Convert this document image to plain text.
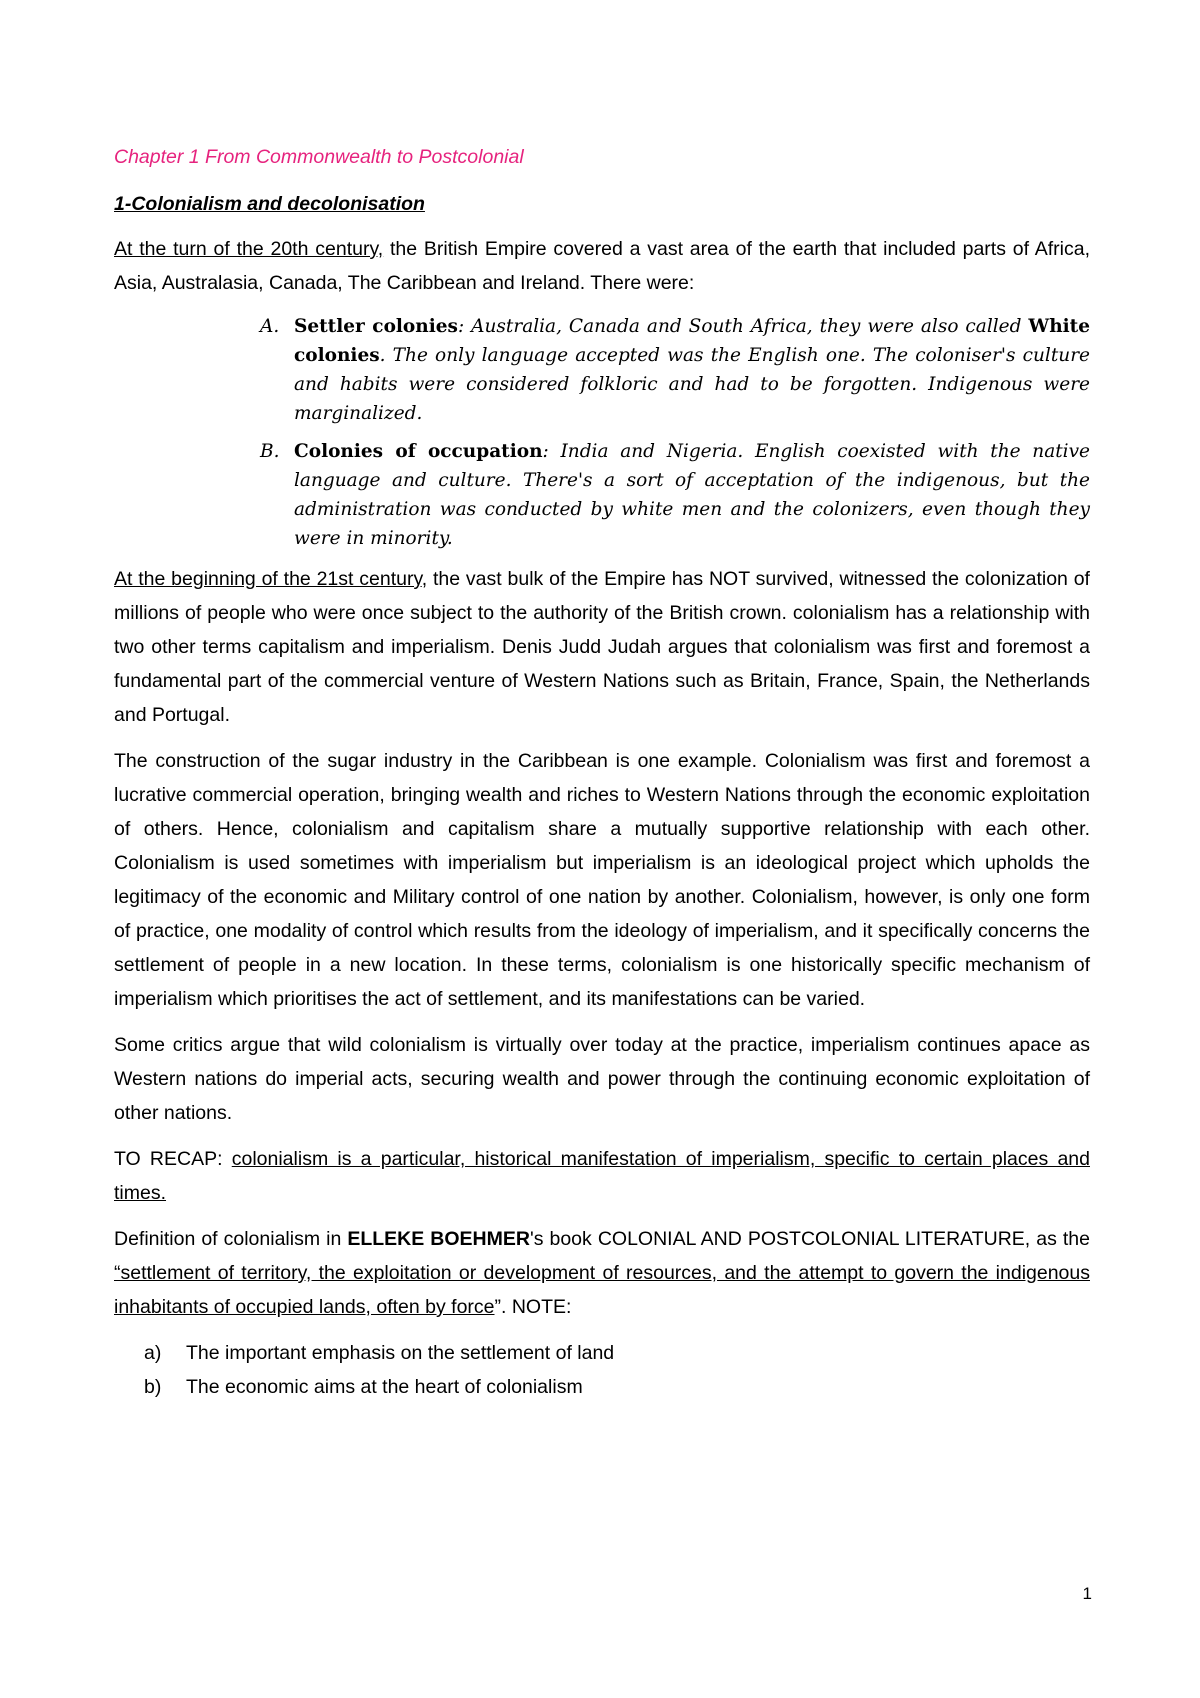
Chapter 1 From Commonwealth to Postcolonial
1-Colonialism and decolonisation

At the turn of the 20th century, the British Empire covered a vast area of the earth that included parts of Africa, Asia, Australasia, Canada, The Caribbean and Ireland. There were:

A. Settler colonies: Australia, Canada and South Africa, they were also called White colonies. The only language accepted was the English one. The coloniser's culture and habits were considered folkloric and had to be forgotten. Indigenous were marginalized.
B. Colonies of occupation: India and Nigeria. English coexisted with the native language and culture. There's a sort of acceptation of the indigenous, but the administration was conducted by white men and the colonizers, even though they were in minority.

At the beginning of the 21st century, the vast bulk of the Empire has NOT survived, witnessed the colonization of millions of people who were once subject to the authority of the British crown. colonialism has a relationship with two other terms capitalism and imperialism. Denis Judd Judah argues that colonialism was first and foremost a fundamental part of the commercial venture of Western Nations such as Britain, France, Spain, the Netherlands and Portugal.

The construction of the sugar industry in the Caribbean is one example. Colonialism was first and foremost a lucrative commercial operation, bringing wealth and riches to Western Nations through the economic exploitation of others. Hence, colonialism and capitalism share a mutually supportive relationship with each other. Colonialism is used sometimes with imperialism but imperialism is an ideological project which upholds the legitimacy of the economic and Military control of one nation by another. Colonialism, however, is only one form of practice, one modality of control which results from the ideology of imperialism, and it specifically concerns the settlement of people in a new location. In these terms, colonialism is one historically specific mechanism of imperialism which prioritises the act of settlement, and its manifestations can be varied.

Some critics argue that wild colonialism is virtually over today at the practice, imperialism continues apace as Western nations do imperial acts, securing wealth and power through the continuing economic exploitation of other nations.

TO RECAP: colonialism is a particular, historical manifestation of imperialism, specific to certain places and times.

Definition of colonialism in ELLEKE BOEHMER's book COLONIAL AND POSTCOLONIAL LITERATURE, as the “settlement of territory, the exploitation or development of resources, and the attempt to govern the indigenous inhabitants of occupied lands, often by force”. NOTE:

a) The important emphasis on the settlement of land
b) The economic aims at the heart of colonialism
1
